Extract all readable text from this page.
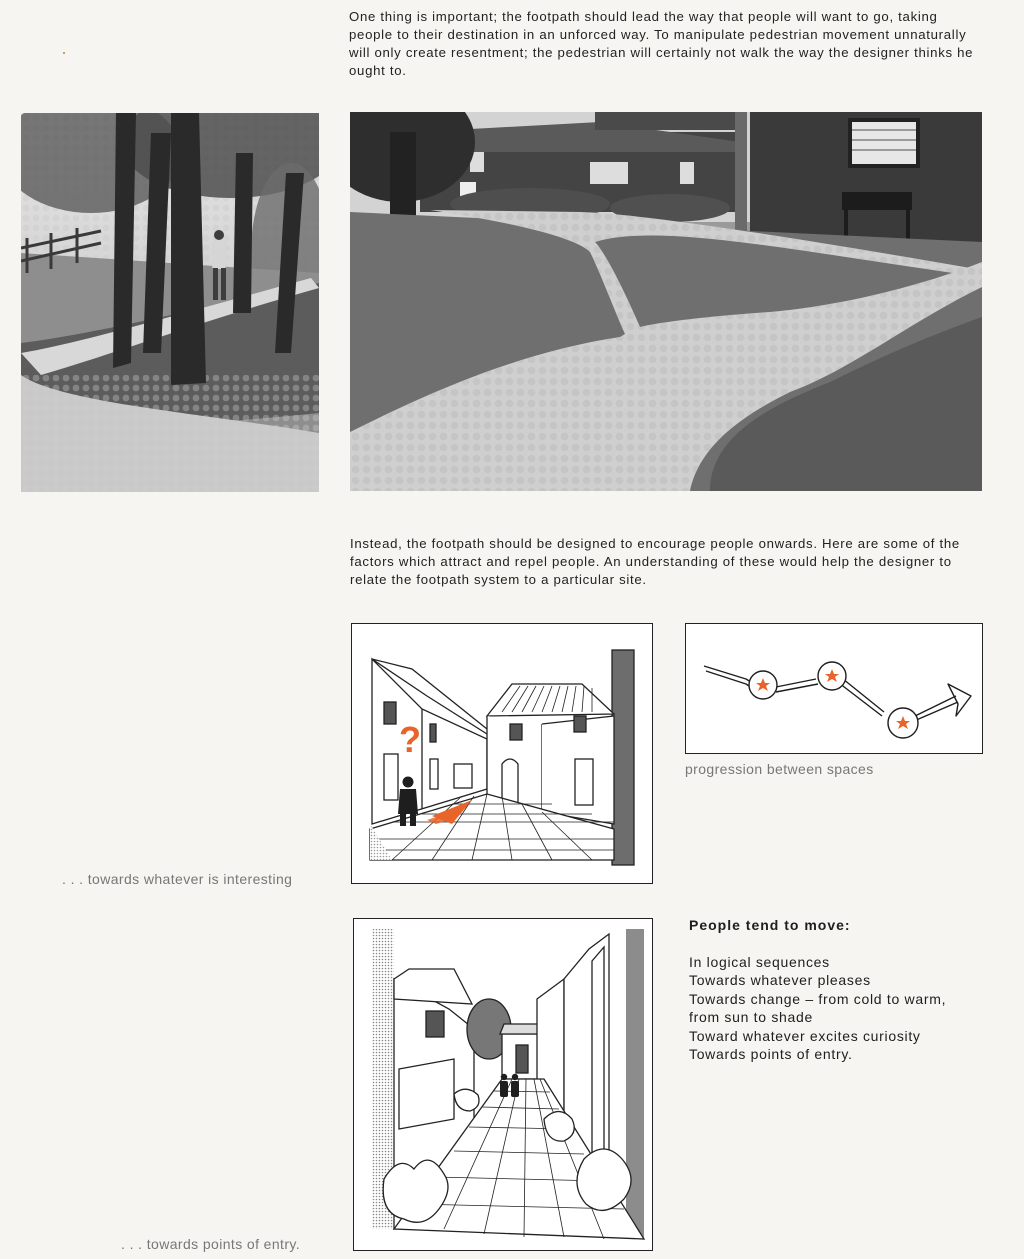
One thing is important; the footpath should lead the way that people will want to go, taking people to their destination in an unforced way. To manipulate pedestrian movement unnaturally will only create resentment; the pedestrian will certainly not walk the way the designer thinks he ought to.

Instead, the footpath should be designed to encourage people onwards. Here are some of the factors which attract and repel people. An understanding of these would help the designer to relate the footpath system to a particular site.

?
progression between spaces
. . . towards whatever is interesting
People tend to move:
In logical sequences
Towards whatever pleases
Towards change – from cold to warm,
from sun to shade
Toward whatever excites curiosity
Towards points of entry.
. . . towards points of entry.
